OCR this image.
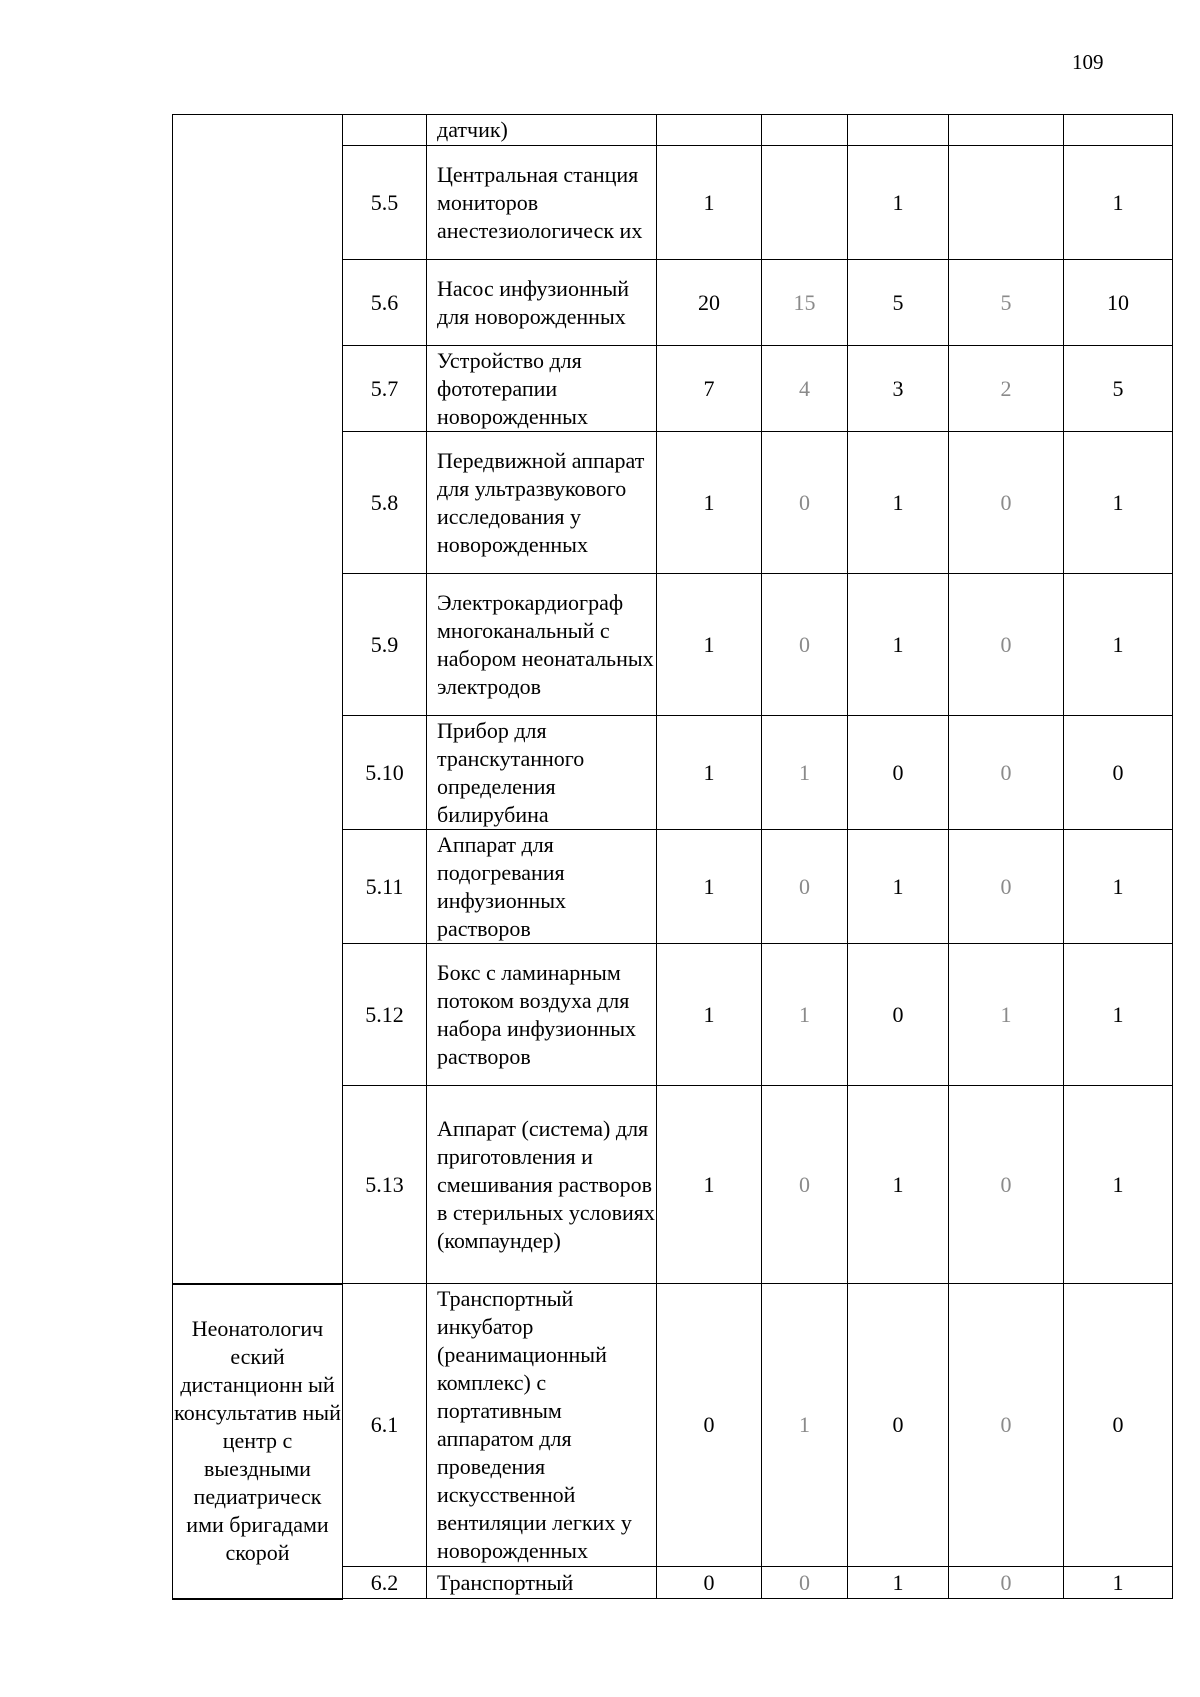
109
		датчик)					
	5.5	Центральная станция мониторов анестезиологическ их	1		1		1
	5.6	Насос инфузионный для новорожденных	20	15	5	5	10
	5.7	Устройство для фототерапии новорожденных	7	4	3	2	5
	5.8	Передвижной аппарат для ультразвукового исследования у новорожденных	1	0	1	0	1
	5.9	Электрокардиограф многоканальный с набором неонатальных электродов	1	0	1	0	1
	5.10	Прибор для транскутанного определения билирубина	1	1	0	0	0
	5.11	Аппарат для подогревания инфузионных растворов	1	0	1	0	1
	5.12	Бокс с ламинарным потоком воздуха для набора инфузионных растворов	1	1	0	1	1
	5.13	Аппарат (система) для приготовления и смешивания растворов в стерильных условиях (компаундер)	1	0	1	0	1
Неонатологич еский дистанционн ый консультатив ный центр с выездными педиатрическ ими бригадами скорой	6.1	Транспортный инкубатор (реанимационный комплекс) с портативным аппаратом для проведения искусственной вентиляции легких у новорожденных	0	1	0	0	0
	6.2	Транспортный	0	0	1	0	1
